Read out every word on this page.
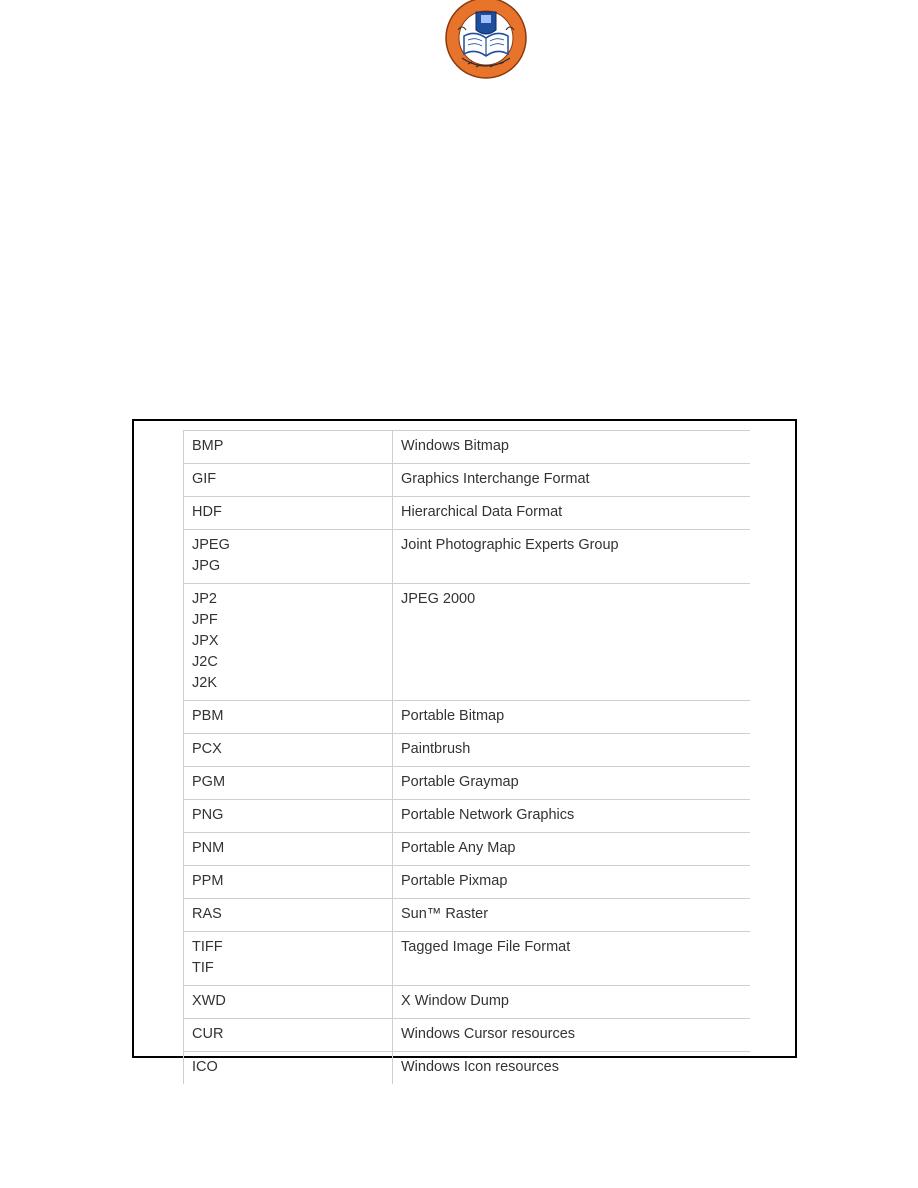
BMP	Windows Bitmap

GIF	Graphics Interchange Format

HDF	Hierarchical Data Format

JPEG
JPG	Joint Photographic Experts Group

JP2
JPF
JPX
J2C
J2K	JPEG 2000

PBM	Portable Bitmap

PCX	Paintbrush

PGM	Portable Graymap

PNG	Portable Network Graphics

PNM	Portable Any Map

PPM	Portable Pixmap

RAS	Sun™ Raster

TIFF
TIF	Tagged Image File Format

XWD	X Window Dump

CUR	Windows Cursor resources

ICO	Windows Icon resources
